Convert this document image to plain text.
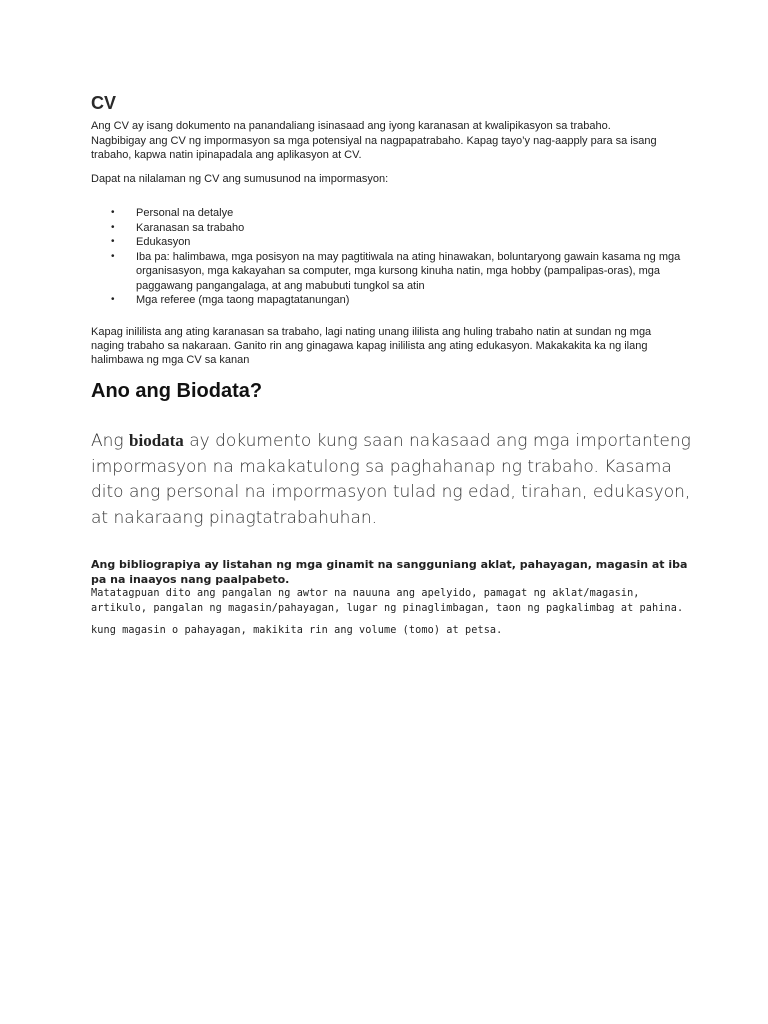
CV

Ang CV ay isang dokumento na panandaliang isinasaad ang iyong karanasan at kwalipikasyon sa trabaho.
Nagbibigay ang CV ng impormasyon sa mga potensiyal na nagpapatrabaho. Kapag tayo’y nag-aapply para sa isang
trabaho, kapwa natin ipinapadala ang aplikasyon at CV.

Dapat na nilalaman ng CV ang sumusunod na impormasyon:

• Personal na detalye
• Karanasan sa trabaho
• Edukasyon
• Iba pa: halimbawa, mga posisyon na may pagtitiwala na ating hinawakan, boluntaryong gawain kasama ng mga organisasyon, mga kakayahan sa computer, mga kursong kinuha natin, mga hobby (pampalipas-oras), mga paggawang pangangalaga, at ang mabubuti tungkol sa atin
• Mga referee (mga taong mapagtatanungan)

Kapag inililista ang ating karanasan sa trabaho, lagi nating unang ililista ang huling trabaho natin at sundan ng mga
naging trabaho sa nakaraan. Ganito rin ang ginagawa kapag inililista ang ating edukasyon. Makakakita ka ng ilang
halimbawa ng mga CV sa kanan

Ano ang Biodata?

Ang biodata ay dokumento kung saan nakasaad ang mga importanteng impormasyon na makakatulong sa paghahanap ng trabaho. Kasama dito ang personal na impormasyon tulad ng edad, tirahan, edukasyon, at nakaraang pinagtatrabahuhan.

Ang bibliograpiya ay listahan ng mga ginamit na sangguniang aklat, pahayagan, magasin at iba pa na inaayos nang paalpabeto.

Matatagpuan dito ang pangalan ng awtor na nauuna ang apelyido, pamagat ng aklat/magasin,
artikulo, pangalan ng magasin/pahayagan, lugar ng pinaglimbagan, taon ng pagkalimbag at pahina.

kung magasin o pahayagan, makikita rin ang volume (tomo) at petsa.
